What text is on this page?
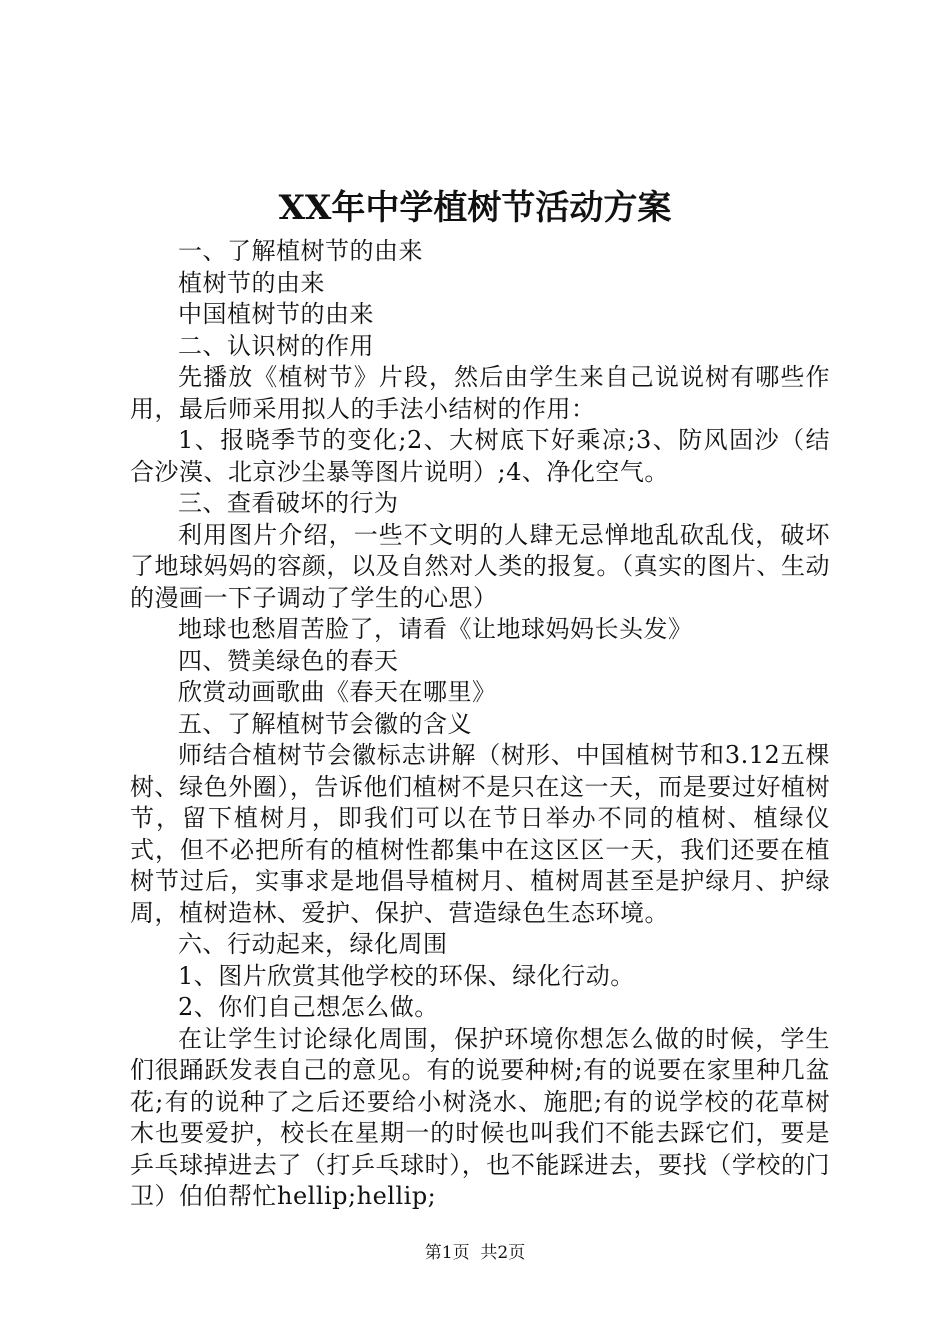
XX年中学植树节活动方案

一、了解植树节的由来

植树节的由来

中国植树节的由来

二、认识树的作用

先播放《植树节》片段，然后由学生来自己说说树有哪些作用，最后师采用拟人的手法小结树的作用：

1、报晓季节的变化;2、大树底下好乘凉;3、防风固沙（结合沙漠、北京沙尘暴等图片说明）;4、净化空气。

三、查看破坏的行为

利用图片介绍，一些不文明的人肆无忌惮地乱砍乱伐，破坏了地球妈妈的容颜，以及自然对人类的报复。（真实的图片、生动的漫画一下子调动了学生的心思）

地球也愁眉苦脸了，请看《让地球妈妈长头发》

四、赞美绿色的春天

欣赏动画歌曲《春天在哪里》

五、了解植树节会徽的含义

师结合植树节会徽标志讲解（树形、中国植树节和3.12五棵树、绿色外圈），告诉他们植树不是只在这一天，而是要过好植树节，留下植树月，即我们可以在节日举办不同的植树、植绿仪式，但不必把所有的植树性都集中在这区区一天，我们还要在植树节过后，实事求是地倡导植树月、植树周甚至是护绿月、护绿周，植树造林、爱护、保护、营造绿色生态环境。

六、行动起来，绿化周围

1、图片欣赏其他学校的环保、绿化行动。

2、你们自己想怎么做。

在让学生讨论绿化周围，保护环境你想怎么做的时候，学生们很踊跃发表自己的意见。有的说要种树;有的说要在家里种几盆花;有的说种了之后还要给小树浇水、施肥;有的说学校的花草树木也要爱护，校长在星期一的时候也叫我们不能去踩它们，要是乒乓球掉进去了（打乒乓球时），也不能踩进去，要找（学校的门卫）伯伯帮忙hellip;hellip;

第1页 共2页
